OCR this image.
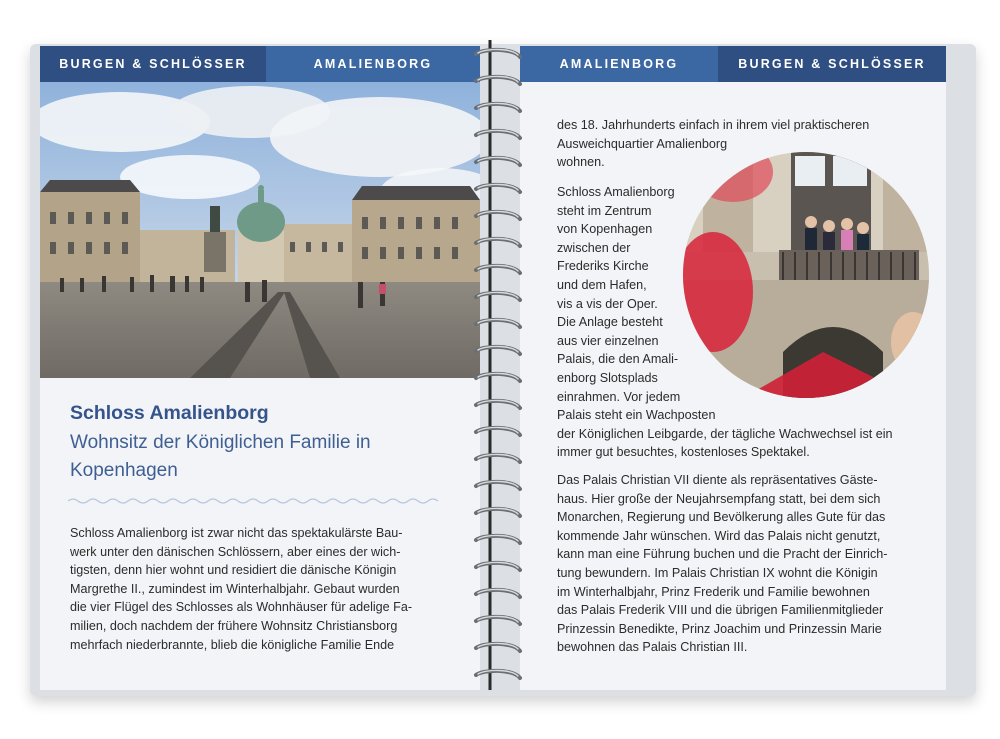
BURGEN & SCHLÖSSER	AMALIENBORG
Schloss Amalienborg
Wohnsitz der Königlichen Familie in Kopenhagen

Schloss Amalienborg ist zwar nicht das spektakulärste Bau-

werk unter den dänischen Schlössern, aber eines der wich-

tigsten, denn hier wohnt und residiert die dänische Königin

Margrethe II., zumindest im Winterhalbjahr. Gebaut wurden

die vier Flügel des Schlosses als Wohnhäuser für adelige Fa-

milien, doch nachdem der frühere Wohnsitz Christiansborg

mehrfach niederbrannte, blieb die königliche Familie Ende

AMALIENBORG	BURGEN & SCHLÖSSER

des 18. Jahrhunderts einfach in ihrem viel praktischeren

Ausweichquartier Amalienborg

wohnen.

Schloss Amalienborg

steht im Zentrum

von Kopenhagen

zwischen der

Frederiks Kirche

und dem Hafen,

vis a vis der Oper.

Die Anlage besteht

aus vier einzelnen

Palais, die den Amali-

enborg Slotsplads

einrahmen. Vor jedem

Palais steht ein Wachposten

der Königlichen Leibgarde, der tägliche Wachwechsel ist ein

immer gut besuchtes, kostenloses Spektakel.

Das Palais Christian VII diente als repräsentatives Gäste-

haus. Hier große der Neujahrsempfang statt, bei dem sich

Monarchen, Regierung und Bevölkerung alles Gute für das

kommende Jahr wünschen. Wird das Palais nicht genutzt,

kann man eine Führung buchen und die Pracht der Einrich-

tung bewundern. Im Palais Christian IX wohnt die Königin

im Winterhalbjahr, Prinz Frederik und Familie bewohnen

das Palais Frederik VIII und die übrigen Familienmitglieder

Prinzessin Benedikte, Prinz Joachim und Prinzessin Marie

bewohnen das Palais Christian III.
